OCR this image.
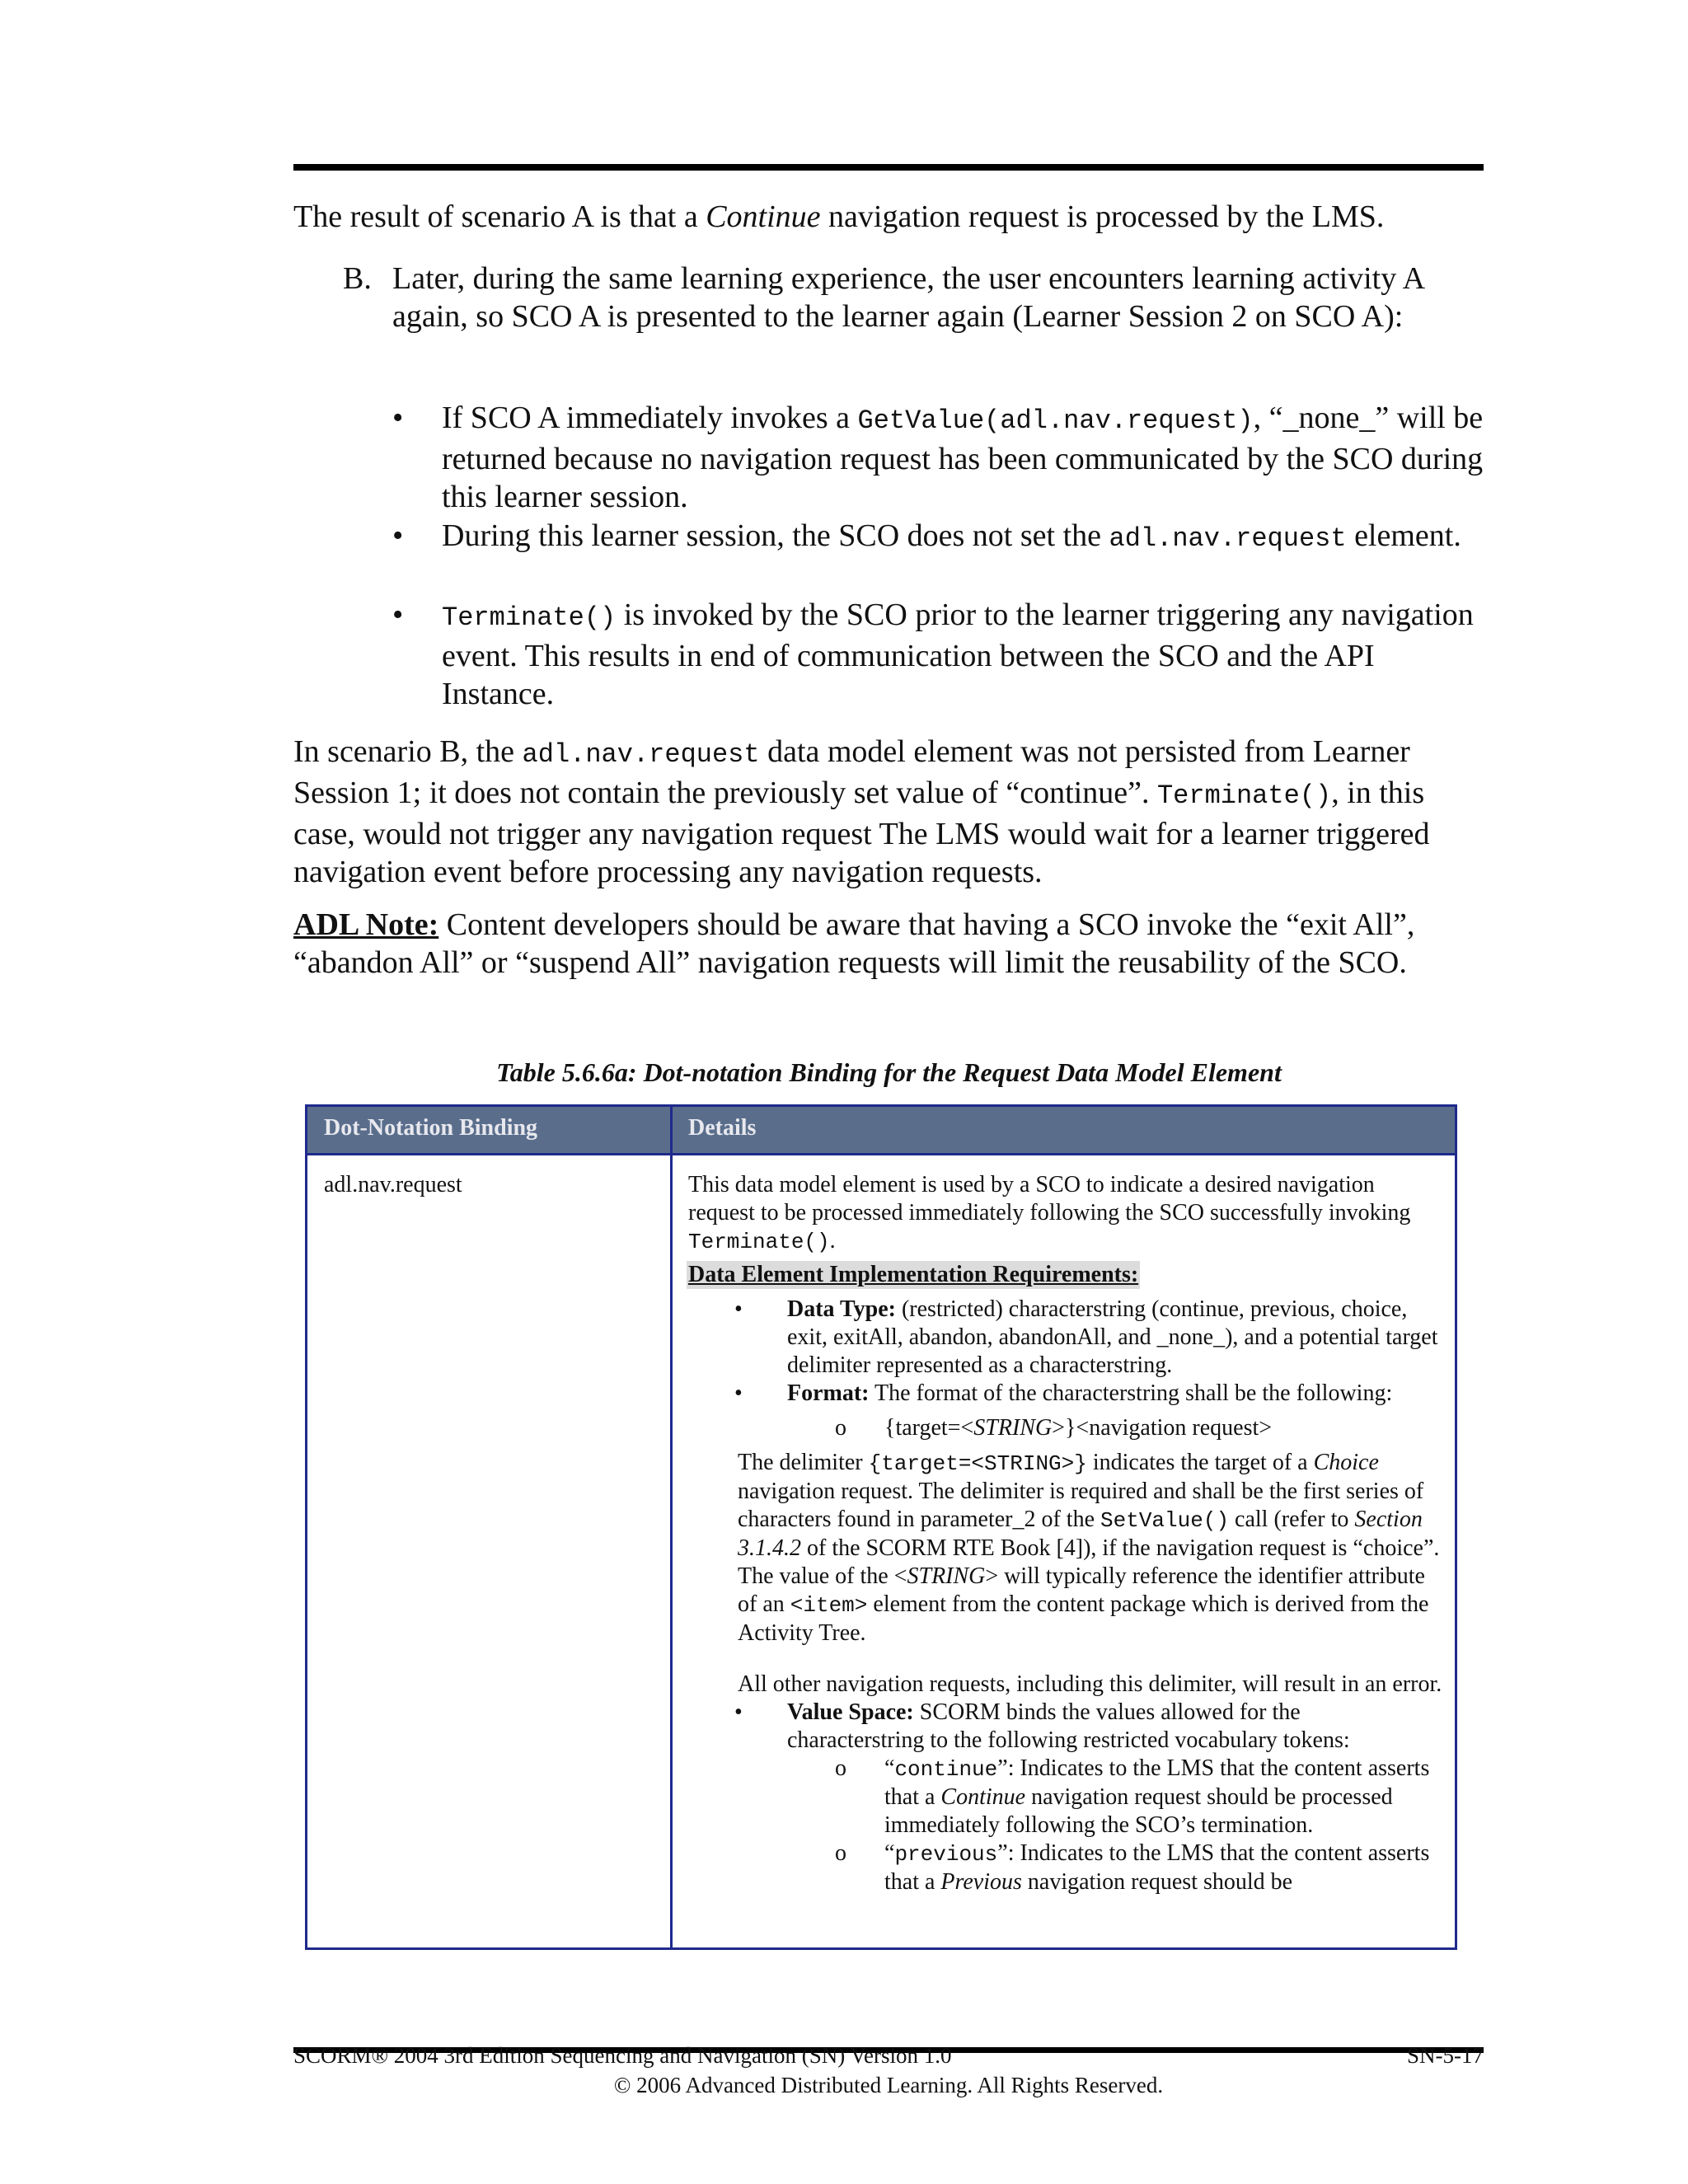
The result of scenario A is that a Continue navigation request is processed by the LMS.

B. Later, during the same learning experience, the user encounters learning activity A again, so SCO A is presented to the learner again (Learner Session 2 on SCO A):
• If SCO A immediately invokes a GetValue(adl.nav.request), “_none_” will be returned because no navigation request has been communicated by the SCO during this learner session.
• During this learner session, the SCO does not set the adl.nav.request element.
• Terminate() is invoked by the SCO prior to the learner triggering any navigation event. This results in end of communication between the SCO and the API Instance.

In scenario B, the adl.nav.request data model element was not persisted from Learner Session 1; it does not contain the previously set value of “continue”. Terminate(), in this case, would not trigger any navigation request The LMS would wait for a learner triggered navigation event before processing any navigation requests.

ADL Note: Content developers should be aware that having a SCO invoke the “exit All”, “abandon All” or “suspend All” navigation requests will limit the reusability of the SCO.

Table 5.6.6a: Dot-notation Binding for the Request Data Model Element
Dot-Notation Binding	Details
adl.nav.request	This data model element is used by a SCO to indicate a desired navigation request to be processed immediately following the SCO successfully invoking Terminate().

Data Element Implementation Requirements:

• Data Type: (restricted) characterstring (continue, previous, choice, exit, exitAll, abandon, abandonAll, and _none_), and a potential target delimiter represented as a characterstring.
• Format: The format of the characterstring shall be the following:
o {target=<STRING>}<navigation request>

The delimiter {target=<STRING>} indicates the target of a Choice navigation request. The delimiter is required and shall be the first series of characters found in parameter_2 of the SetValue() call (refer to Section 3.1.4.2 of the SCORM RTE Book [4]), if the navigation request is “choice”. The value of the <STRING> will typically reference the identifier attribute of an <item> element from the content package which is derived from the Activity Tree.

All other navigation requests, including this delimiter, will result in an error.

• Value Space: SCORM binds the values allowed for the characterstring to the following restricted vocabulary tokens:
o “continue”: Indicates to the LMS that the content asserts that a Continue navigation request should be processed immediately following the SCO’s termination.
o “previous”: Indicates to the LMS that the content asserts that a Previous navigation request should be
SCORM® 2004 3rd Edition Sequencing and Navigation (SN) Version 1.0	SN-5-17
© 2006 Advanced Distributed Learning. All Rights Reserved.
